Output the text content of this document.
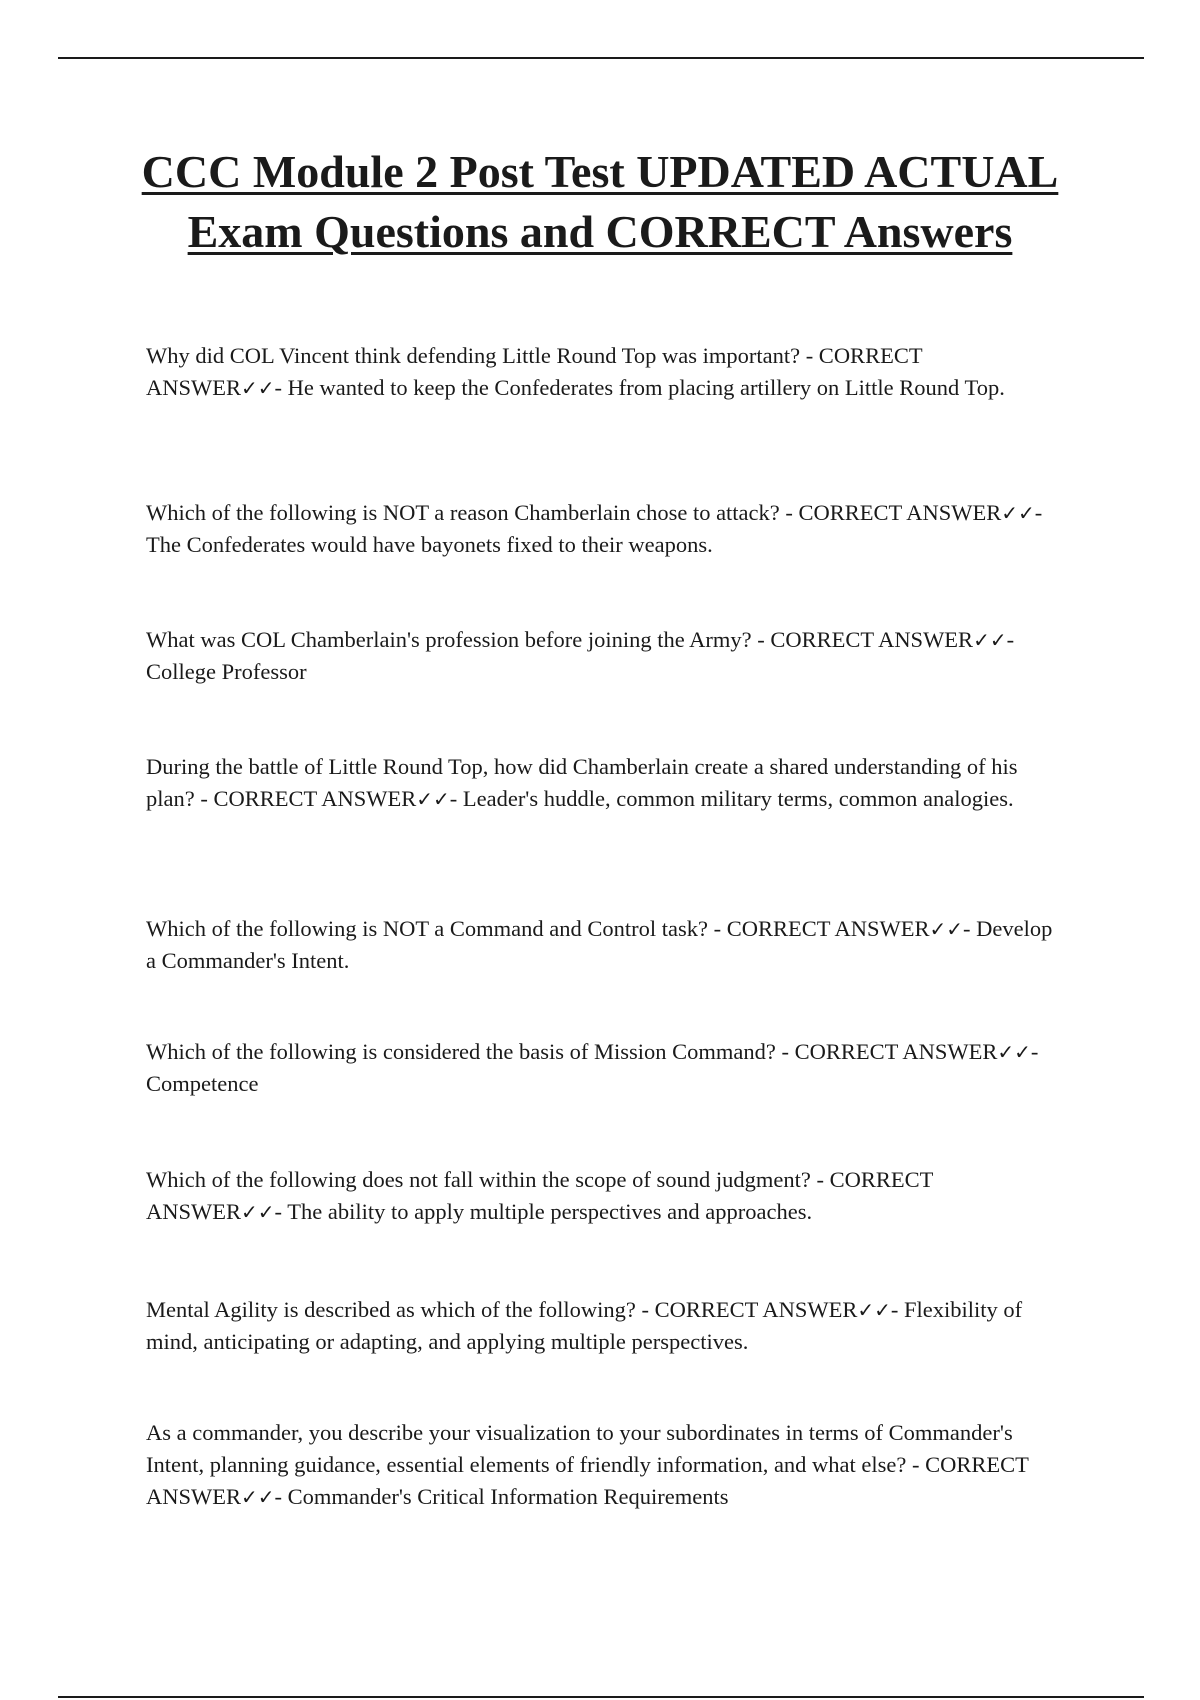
CCC Module 2 Post Test UPDATED ACTUAL Exam Questions and CORRECT Answers

Why did COL Vincent think defending Little Round Top was important? - CORRECT ANSWER✓✓- He wanted to keep the Confederates from placing artillery on Little Round Top.

Which of the following is NOT a reason Chamberlain chose to attack? - CORRECT ANSWER✓✓- The Confederates would have bayonets fixed to their weapons.

What was COL Chamberlain's profession before joining the Army? - CORRECT ANSWER✓✓- College Professor

During the battle of Little Round Top, how did Chamberlain create a shared understanding of his plan? - CORRECT ANSWER✓✓- Leader's huddle, common military terms, common analogies.

Which of the following is NOT a Command and Control task? - CORRECT ANSWER✓✓- Develop a Commander's Intent.

Which of the following is considered the basis of Mission Command? - CORRECT ANSWER✓✓- Competence

Which of the following does not fall within the scope of sound judgment? - CORRECT ANSWER✓✓- The ability to apply multiple perspectives and approaches.

Mental Agility is described as which of the following? - CORRECT ANSWER✓✓- Flexibility of mind, anticipating or adapting, and applying multiple perspectives.

As a commander, you describe your visualization to your subordinates in terms of Commander's Intent, planning guidance, essential elements of friendly information, and what else? - CORRECT ANSWER✓✓- Commander's Critical Information Requirements
